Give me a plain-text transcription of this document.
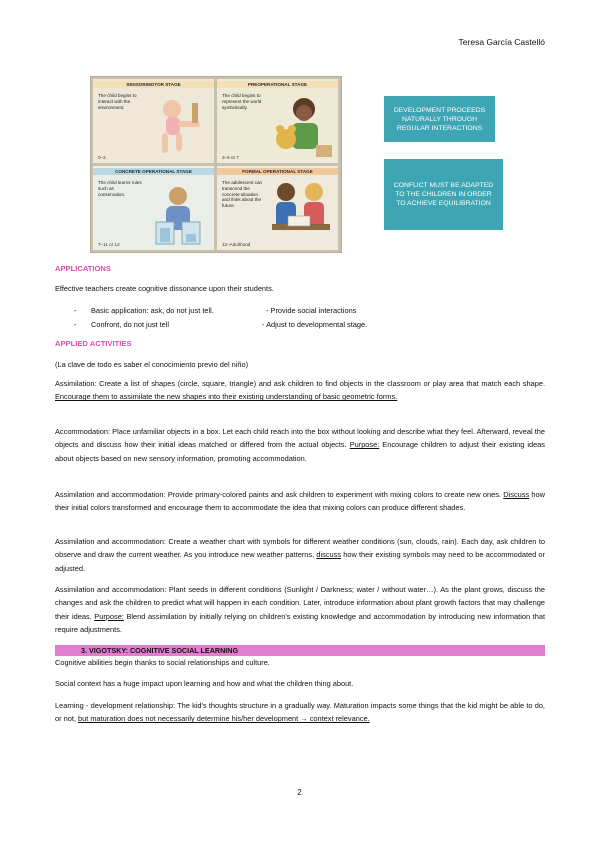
Teresa García Castelló
SENSORIMOTOR STAGE
The child begins to interact with the environment.
0–2
PREOPERATIONAL STAGE
The child begins to represent the world symbolically.
3–6 or 7
CONCRETE OPERATIONAL STAGE
The child learns rules such as conservation.
7–11 or 12
FORMAL OPERATIONAL STAGE
The adolescent can transcend the concrete situation and think about the future.
12–Adulthood
DEVELOPMENT PROCEEDS NATURALLY THROUGH REGULAR INTERACTIONS
CONFLICT MUST BE ADAPTED TO THE CHILDREN IN ORDER TO ACHIEVE EQUILIBRATION
APPLICATIONS
Effective teachers create cognitive dissonance upon their students.
- Basic application: ask, do not just tell.	- Provide social interactions
- Confront, do not just tell	- Adjust to developmental stage.
APPLIED ACTIVITIES
(La clave de todo es saber el conocimiento previo del niño)
Assimilation: Create a list of shapes (circle, square, triangle) and ask children to find objects in the classroom or play area that match each shape. Encourage them to assimilate the new shapes into their existing understanding of basic geometric forms.
Accommodation: Place unfamiliar objects in a box. Let each child reach into the box without looking and describe what they feel. Afterward, reveal the objects and discuss how their initial ideas matched or differed from the actual objects. Purpose: Encourage children to adjust their existing ideas about objects based on new sensory information, promoting accommodation.
Assimilation and accommodation: Provide primary-colored paints and ask children to experiment with mixing colors to create new ones. Discuss how their initial colors transformed and encourage them to accommodate the idea that mixing colors can produce different shades.
Assimilation and accommodation: Create a weather chart with symbols for different weather conditions (sun, clouds, rain). Each day, ask children to observe and draw the current weather. As you introduce new weather patterns, discuss how their existing symbols may need to be accommodated or adjusted.
Assimilation and accommodation: Plant seeds in different conditions (Sunlight / Darkness; water / without water…). As the plant grows, discuss the changes and ask the children to predict what will happen in each condition. Later, introduce information about plant growth factors that may challenge their ideas. Purpose: Blend assimilation by initially relying on children's existing knowledge and accommodation by introducing new information that require adjustments.
3. VIGOTSKY: COGNITIVE SOCIAL LEARNING
Cognitive abilities begin thanks to social relationships and culture.
Social context has a huge impact upon learning and how and what the children thing about.
Learning - development relationship: The kid's thoughts structure in a gradually way. Maturation impacts some things that the kid might be able to do, or not, but maturation does not necessarily determine his/her development → context relevance.
2
